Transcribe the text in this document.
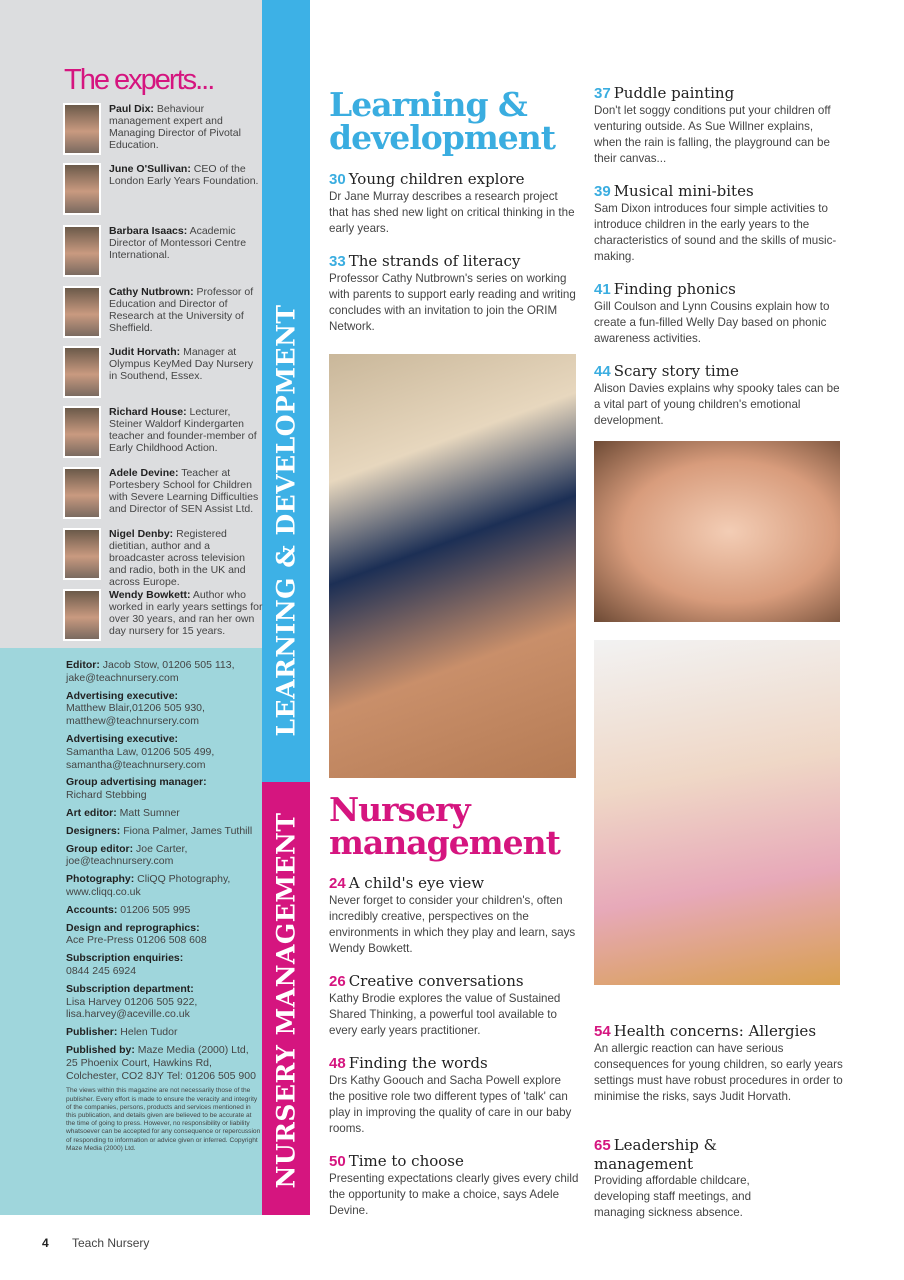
LEARNING & DEVELOPMENT
NURSERY MANAGEMENT
The experts...

Paul Dix: Behaviour management expert and Managing Director of Pivotal Education.

June O'Sullivan: CEO of the London Early Years Foundation.

Barbara Isaacs: Academic Director of Montessori Centre International.

Cathy Nutbrown: Professor of Education and Director of Research at the University of Sheffield.

Judit Horvath: Manager at Olympus KeyMed Day Nursery in Southend, Essex.

Richard House: Lecturer, Steiner Waldorf Kindergarten teacher and founder-member of Early Childhood Action.

Adele Devine: Teacher at Portesbery School for Children with Severe Learning Difficulties and Director of SEN Assist Ltd.

Nigel Denby: Registered dietitian, author and a broadcaster across television and radio, both in the UK and across Europe.

Wendy Bowkett: Author who worked in early years settings for over 30 years, and ran her own day nursery for 15 years.

Editor: Jacob Stow, 01206 505 113, jake@teachnursery.com

Advertising executive:
Matthew Blair,01206 505 930, matthew@teachnursery.com

Advertising executive:
Samantha Law, 01206 505 499, samantha@teachnursery.com

Group advertising manager:
Richard Stebbing

Art editor: Matt Sumner

Designers: Fiona Palmer, James Tuthill

Group editor: Joe Carter, joe@teachnursery.com

Photography: CliQQ Photography, www.cliqq.co.uk

Accounts: 01206 505 995

Design and reprographics:
Ace Pre-Press 01206 508 608

Subscription enquiries:
0844 245 6924

Subscription department:
Lisa Harvey 01206 505 922, lisa.harvey@aceville.co.uk

Publisher: Helen Tudor

Published by: Maze Media (2000) Ltd, 25 Phoenix Court, Hawkins Rd, Colchester, CO2 8JY Tel: 01206 505 900

The views within this magazine are not necessarily those of the publisher. Every effort is made to ensure the veracity and integrity of the companies, persons, products and services mentioned in this publication, and details given are believed to be accurate at the time of going to press. However, no responsibility or liability whatsoever can be accepted for any consequence or repercussion of responding to information or advice given or inferred. Copyright Maze Media (2000) Ltd.

Learning &
development
Nursery
management
30 Young children explore

Dr Jane Murray describes a research project that has shed new light on critical thinking in the early years.

33 The strands of literacy

Professor Cathy Nutbrown's series on working with parents to support early reading and writing concludes with an invitation to join the ORIM Network.

37 Puddle painting

Don't let soggy conditions put your children off venturing outside. As Sue Willner explains, when the rain is falling, the playground can be their canvas...

39 Musical mini-bites

Sam Dixon introduces four simple activities to introduce children in the early years to the characteristics of sound and the skills of music-making.

41 Finding phonics

Gill Coulson and Lynn Cousins explain how to create a fun-filled Welly Day based on phonic awareness activities.

44 Scary story time

Alison Davies explains why spooky tales can be a vital part of young children's emotional development.

24 A child's eye view

Never forget to consider your children's, often incredibly creative, perspectives on the environments in which they play and learn, says Wendy Bowkett.

26 Creative conversations

Kathy Brodie explores the value of Sustained Shared Thinking, a powerful tool available to every early years practitioner.

48 Finding the words

Drs Kathy Goouch and Sacha Powell explore the positive role two different types of 'talk' can play in improving the quality of care in our baby rooms.

50 Time to choose

Presenting expectations clearly gives every child the opportunity to make a choice, says Adele Devine.

54 Health concerns: Allergies

An allergic reaction can have serious consequences for young children, so early years settings must have robust procedures in order to minimise the risks, says Judit Horvath.

65 Leadership & management

Providing affordable childcare, developing staff meetings, and managing sickness absence.

4 Teach Nursery
